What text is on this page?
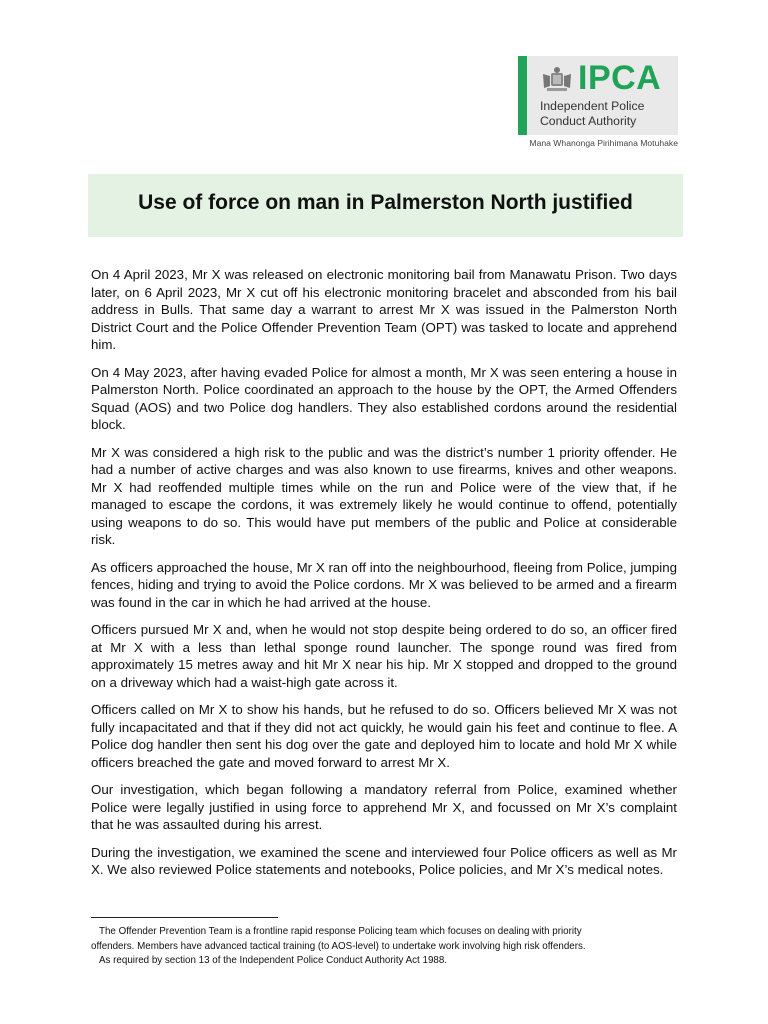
IPCA
Independent Police
Conduct Authority
Mana Whanonga Pirihimana Motuhake
Use of force on man in Palmerston North justified

On 4 April 2023, Mr X was released on electronic monitoring bail from Manawatu Prison. Two days later, on 6 April 2023, Mr X cut off his electronic monitoring bracelet and absconded from his bail address in Bulls. That same day a warrant to arrest Mr X was issued in the Palmerston North District Court and the Police Offender Prevention Team (OPT) was tasked to locate and apprehend him.

On 4 May 2023, after having evaded Police for almost a month, Mr X was seen entering a house in Palmerston North. Police coordinated an approach to the house by the OPT, the Armed Offenders Squad (AOS) and two Police dog handlers. They also established cordons around the residential block.

Mr X was considered a high risk to the public and was the district’s number 1 priority offender. He had a number of active charges and was also known to use firearms, knives and other weapons. Mr X had reoffended multiple times while on the run and Police were of the view that, if he managed to escape the cordons, it was extremely likely he would continue to offend, potentially using weapons to do so. This would have put members of the public and Police at considerable risk.

As officers approached the house, Mr X ran off into the neighbourhood, fleeing from Police, jumping fences, hiding and trying to avoid the Police cordons. Mr X was believed to be armed and a firearm was found in the car in which he had arrived at the house.

Officers pursued Mr X and, when he would not stop despite being ordered to do so, an officer fired at Mr X with a less than lethal sponge round launcher. The sponge round was fired from approximately 15 metres away and hit Mr X near his hip. Mr X stopped and dropped to the ground on a driveway which had a waist-high gate across it.

Officers called on Mr X to show his hands, but he refused to do so. Officers believed Mr X was not fully incapacitated and that if they did not act quickly, he would gain his feet and continue to flee. A Police dog handler then sent his dog over the gate and deployed him to locate and hold Mr X while officers breached the gate and moved forward to arrest Mr X.

Our investigation, which began following a mandatory referral from Police, examined whether Police were legally justified in using force to apprehend Mr X, and focussed on Mr X’s complaint that he was assaulted during his arrest.

During the investigation, we examined the scene and interviewed four Police officers as well as Mr X. We also reviewed Police statements and notebooks, Police policies, and Mr X’s medical notes.

The Offender Prevention Team is a frontline rapid response Policing team which focuses on dealing with priority
offenders. Members have advanced tactical training (to AOS-level) to undertake work involving high risk offenders.
As required by section 13 of the Independent Police Conduct Authority Act 1988.
